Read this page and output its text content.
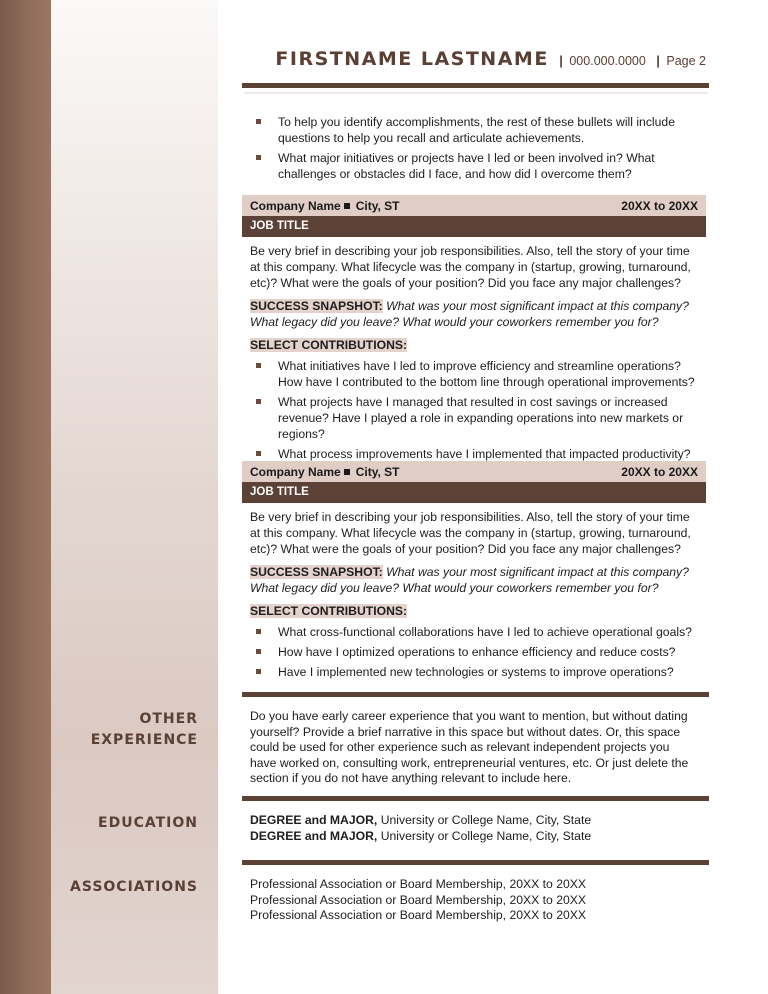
FIRSTNAME LASTNAME | 000.000.0000 | Page 2
To help you identify accomplishments, the rest of these bullets will include questions to help you recall and articulate achievements.
What major initiatives or projects have I led or been involved in? What challenges or obstacles did I face, and how did I overcome them?
Company Name City, ST	20XX to 20XX
JOB TITLE
Be very brief in describing your job responsibilities. Also, tell the story of your time at this company. What lifecycle was the company in (startup, growing, turnaround, etc)? What were the goals of your position? Did you face any major challenges?
SUCCESS SNAPSHOT: What was your most significant impact at this company? What legacy did you leave? What would your coworkers remember you for?
SELECT CONTRIBUTIONS:
What initiatives have I led to improve efficiency and streamline operations? How have I contributed to the bottom line through operational improvements?
What projects have I managed that resulted in cost savings or increased revenue? Have I played a role in expanding operations into new markets or regions?
What process improvements have I implemented that impacted productivity?
Company Name City, ST	20XX to 20XX
JOB TITLE
Be very brief in describing your job responsibilities. Also, tell the story of your time at this company. What lifecycle was the company in (startup, growing, turnaround, etc)? What were the goals of your position? Did you face any major challenges?
SUCCESS SNAPSHOT: What was your most significant impact at this company? What legacy did you leave? What would your coworkers remember you for?
SELECT CONTRIBUTIONS:
What cross-functional collaborations have I led to achieve operational goals?
How have I optimized operations to enhance efficiency and reduce costs?
Have I implemented new technologies or systems to improve operations?
OTHER
EXPERIENCE
Do you have early career experience that you want to mention, but without dating yourself? Provide a brief narrative in this space but without dates. Or, this space could be used for other experience such as relevant independent projects you have worked on, consulting work, entrepreneurial ventures, etc. Or just delete the section if you do not have anything relevant to include here.
EDUCATION	DEGREE and MAJOR, University or College Name, City, State
DEGREE and MAJOR, University or College Name, City, State
ASSOCIATIONS	Professional Association or Board Membership, 20XX to 20XX
Professional Association or Board Membership, 20XX to 20XX
Professional Association or Board Membership, 20XX to 20XX
